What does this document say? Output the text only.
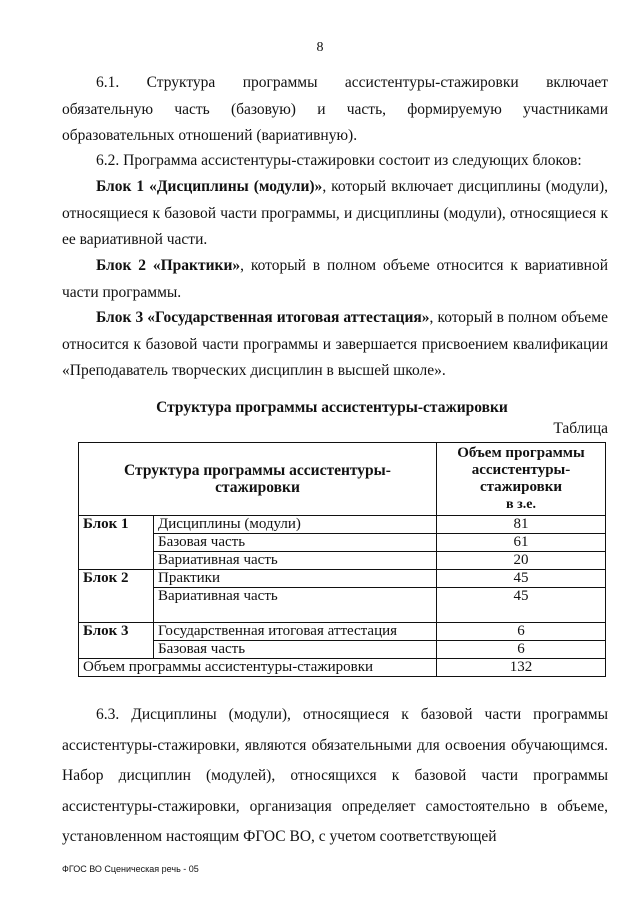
8

6.1. Структура программы ассистентуры-стажировки включает обязательную часть (базовую) и часть, формируемую участниками образовательных отношений (вариативную).

6.2. Программа ассистентуры-стажировки состоит из следующих блоков:

Блок 1 «Дисциплины (модули)», который включает дисциплины (модули), относящиеся к базовой части программы, и дисциплины (модули), относящиеся к ее вариативной части.

Блок 2 «Практики», который в полном объеме относится к вариативной части программы.

Блок 3 «Государственная итоговая аттестация», который в полном объеме относится к базовой части программы и завершается присвоением квалификации «Преподаватель творческих дисциплин в высшей школе».

Структура программы ассистентуры-стажировки
Таблица
Структура программы ассистентуры-стажировки		Объем программы ассистентуры-стажировки
в з.е.
Блок 1	Дисциплины (модули)	81
	Базовая часть	61
	Вариативная часть	20
Блок 2	Практики	45
	Вариативная часть	45
Блок 3	Государственная итоговая аттестация	6
	Базовая часть	6
Объем программы ассистентуры-стажировки		132

6.3. Дисциплины (модули), относящиеся к базовой части программы ассистентуры-стажировки, являются обязательными для освоения обучающимся. Набор дисциплин (модулей), относящихся к базовой части программы ассистентуры-стажировки, организация определяет самостоятельно в объеме, установленном настоящим ФГОС ВО, с учетом соответствующей

ФГОС ВО Сценическая речь - 05
